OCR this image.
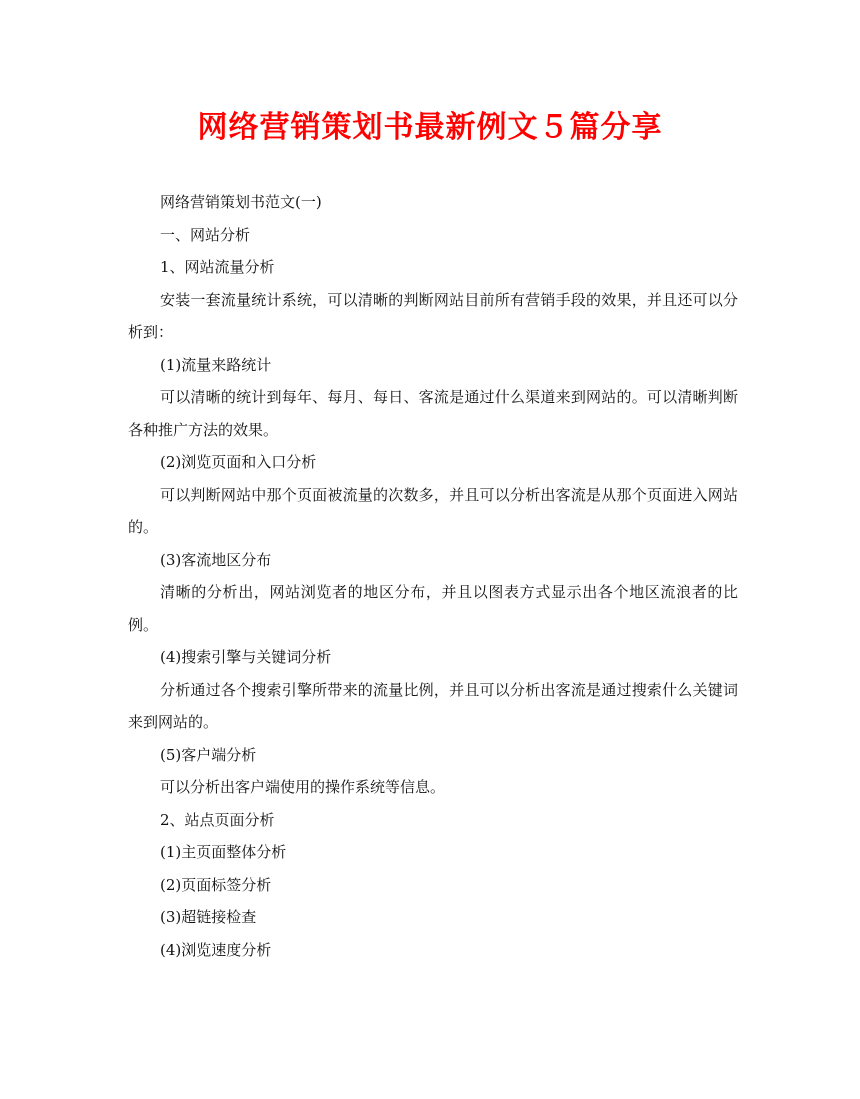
网络营销策划书最新例文５篇分享

网络营销策划书范文(一)

一、网站分析

1、网站流量分析

安装一套流量统计系统，可以清晰的判断网站目前所有营销手段的效果，并且还可以分析到：

(1)流量来路统计

可以清晰的统计到每年、每月、每日、客流是通过什么渠道来到网站的。可以清晰判断各种推广方法的效果。

(2)浏览页面和入口分析

可以判断网站中那个页面被流量的次数多，并且可以分析出客流是从那个页面进入网站的。

(3)客流地区分布

清晰的分析出，网站浏览者的地区分布，并且以图表方式显示出各个地区流浪者的比例。

(4)搜索引擎与关键词分析

分析通过各个搜索引擎所带来的流量比例，并且可以分析出客流是通过搜索什么关键词来到网站的。

(5)客户端分析

可以分析出客户端使用的操作系统等信息。

2、站点页面分析

(1)主页面整体分析

(2)页面标签分析

(3)超链接检查

(4)浏览速度分析
